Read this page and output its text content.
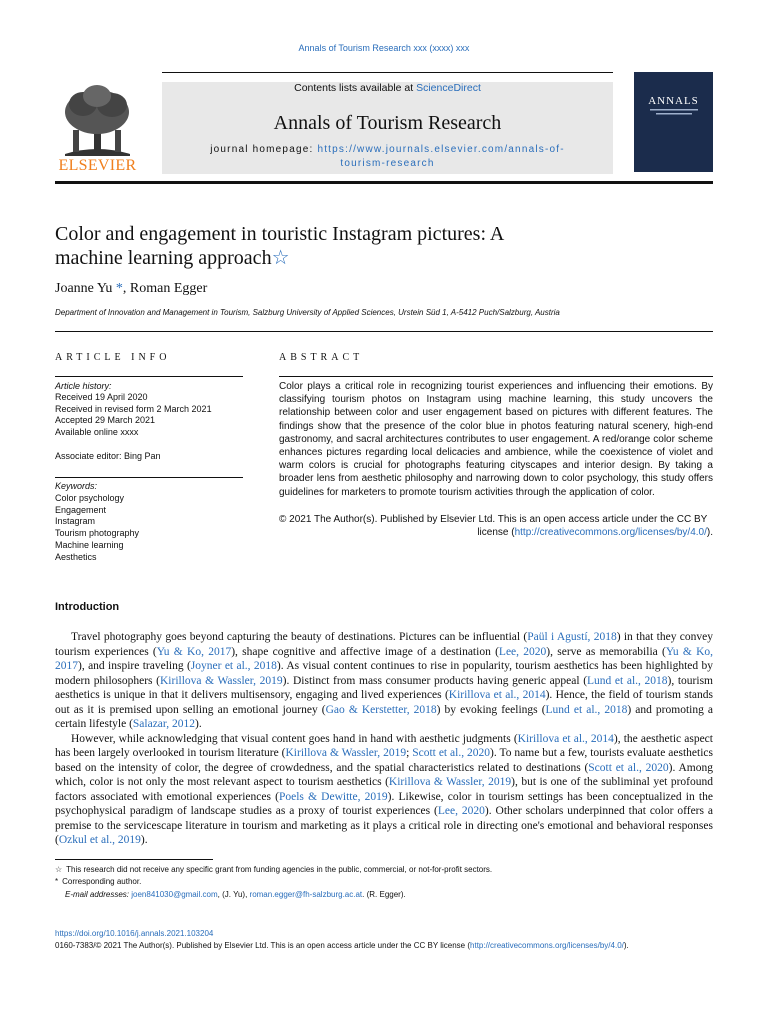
Annals of Tourism Research xxx (xxxx) xxx
ELSEVIER
Contents lists available at ScienceDirect
Annals of Tourism Research
journal homepage: https://www.journals.elsevier.com/annals-of-
tourism-research
ANNALS
Color and engagement in touristic Instagram pictures: A
machine learning approach☆
Joanne Yu *, Roman Egger
Department of Innovation and Management in Tourism, Salzburg University of Applied Sciences, Urstein Süd 1, A-5412 Puch/Salzburg, Austria
ARTICLE INFO
Article history:
Received 19 April 2020
Received in revised form 2 March 2021
Accepted 29 March 2021
Available online xxxx
Associate editor: Bing Pan
Keywords:
Color psychology
Engagement
Instagram
Tourism photography
Machine learning
Aesthetics
ABSTRACT
Color plays a critical role in recognizing tourist experiences and influencing their emotions. By classifying tourism photos on Instagram using machine learning, this study uncovers the relationship between color and user engagement based on pictures with different features. The findings show that the presence of the color blue in photos featuring natural scenery, high-end gastronomy, and sacral architectures contributes to user engagement. A red/orange color scheme enhances pictures regarding local delicacies and ambience, while the coexistence of violet and warm colors is crucial for photographs featuring cityscapes and interior design. By taking a broader lens from aesthetic philosophy and narrowing down to color psychology, this study offers guidelines for marketers to promote tourism activities through the application of color.
© 2021 The Author(s). Published by Elsevier Ltd. This is an open access article under the CC BY
license (http://creativecommons.org/licenses/by/4.0/).
Introduction

Travel photography goes beyond capturing the beauty of destinations. Pictures can be influential (Paül i Agustí, 2018) in that they convey tourism experiences (Yu & Ko, 2017), shape cognitive and affective image of a destination (Lee, 2020), serve as memorabilia (Yu & Ko, 2017), and inspire traveling (Joyner et al., 2018). As visual content continues to rise in popularity, tourism aesthetics has been highlighted by modern philosophers (Kirillova & Wassler, 2019). Distinct from mass consumer products having generic appeal (Lund et al., 2018), tourism aesthetics is unique in that it delivers multisensory, engaging and lived experiences (Kirillova et al., 2014). Hence, the field of tourism stands out as it is premised upon selling an emotional journey (Gao & Kerstetter, 2018) by evoking feelings (Lund et al., 2018) and promoting a certain lifestyle (Salazar, 2012).

However, while acknowledging that visual content goes hand in hand with aesthetic judgments (Kirillova et al., 2014), the aesthetic aspect has been largely overlooked in tourism literature (Kirillova & Wassler, 2019; Scott et al., 2020). To name but a few, tourists evaluate aesthetics based on the intensity of color, the degree of crowdedness, and the spatial characteristics related to destinations (Scott et al., 2020). Among which, color is not only the most relevant aspect to tourism aesthetics (Kirillova & Wassler, 2019), but is one of the subliminal yet profound factors associated with emotional experiences (Poels & Dewitte, 2019). Likewise, color in tourism settings has been conceptualized in the psychophysical paradigm of landscape studies as a proxy of tourist experiences (Lee, 2020). Other scholars underpinned that color offers a premise to the servicescape literature in tourism and marketing as it plays a critical role in directing one's emotional and behavioral responses (Ozkul et al., 2019).

☆ This research did not receive any specific grant from funding agencies in the public, commercial, or not-for-profit sectors.
* Corresponding author.
E-mail addresses: joen841030@gmail.com, (J. Yu), roman.egger@fh-salzburg.ac.at. (R. Egger).
https://doi.org/10.1016/j.annals.2021.103204
0160-7383/© 2021 The Author(s). Published by Elsevier Ltd. This is an open access article under the CC BY license (http://creativecommons.org/licenses/by/4.0/).
